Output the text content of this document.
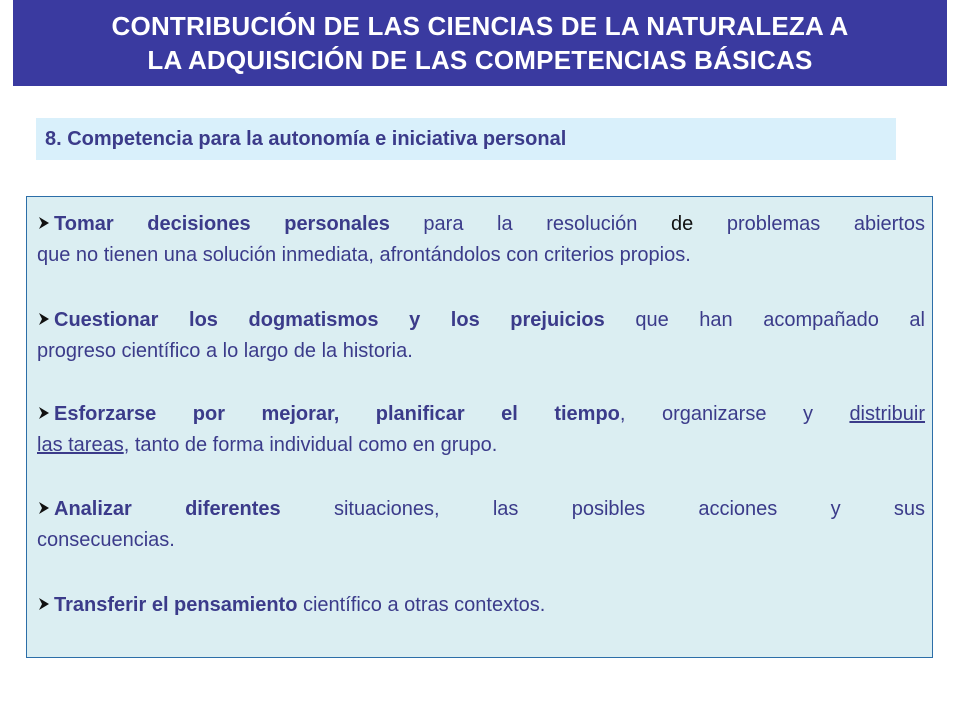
CONTRIBUCIÓN DE LAS CIENCIAS DE LA NATURALEZA A
LA ADQUISICIÓN DE LAS COMPETENCIAS BÁSICAS
8. Competencia para la autonomía e iniciativa personal
Tomar decisiones personales para la resolución de problemas abiertos
que no tienen una solución inmediata, afrontándolos con criterios propios.
Cuestionar los dogmatismos y los prejuicios que han acompañado al
progreso científico a lo largo de la historia.
Esforzarse por mejorar, planificar el tiempo, organizarse y distribuir
las tareas, tanto de forma individual como en grupo.
Analizar diferentes situaciones, las posibles acciones y sus
consecuencias.
Transferir el pensamiento científico a otras contextos.
